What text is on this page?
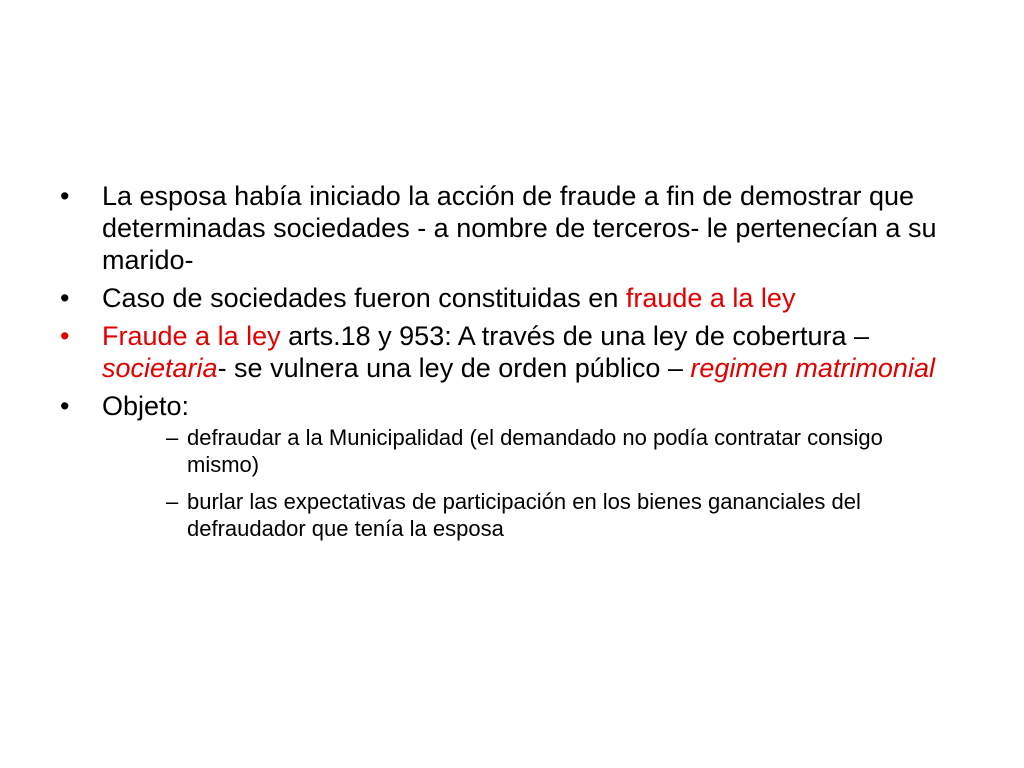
•	La esposa había iniciado la acción de fraude a fin de demostrar que determinadas sociedades - a nombre de terceros- le pertenecían a su marido-
•	Caso de sociedades fueron constituidas en fraude a la ley
•	Fraude a la ley arts.18 y 953: A través de una ley de cobertura –societaria- se vulnera una ley de orden público – regimen matrimonial
•	Objeto:
– defraudar a la Municipalidad (el demandado no podía contratar consigo mismo)
– burlar las expectativas de participación en los bienes gananciales del defraudador que tenía la esposa
